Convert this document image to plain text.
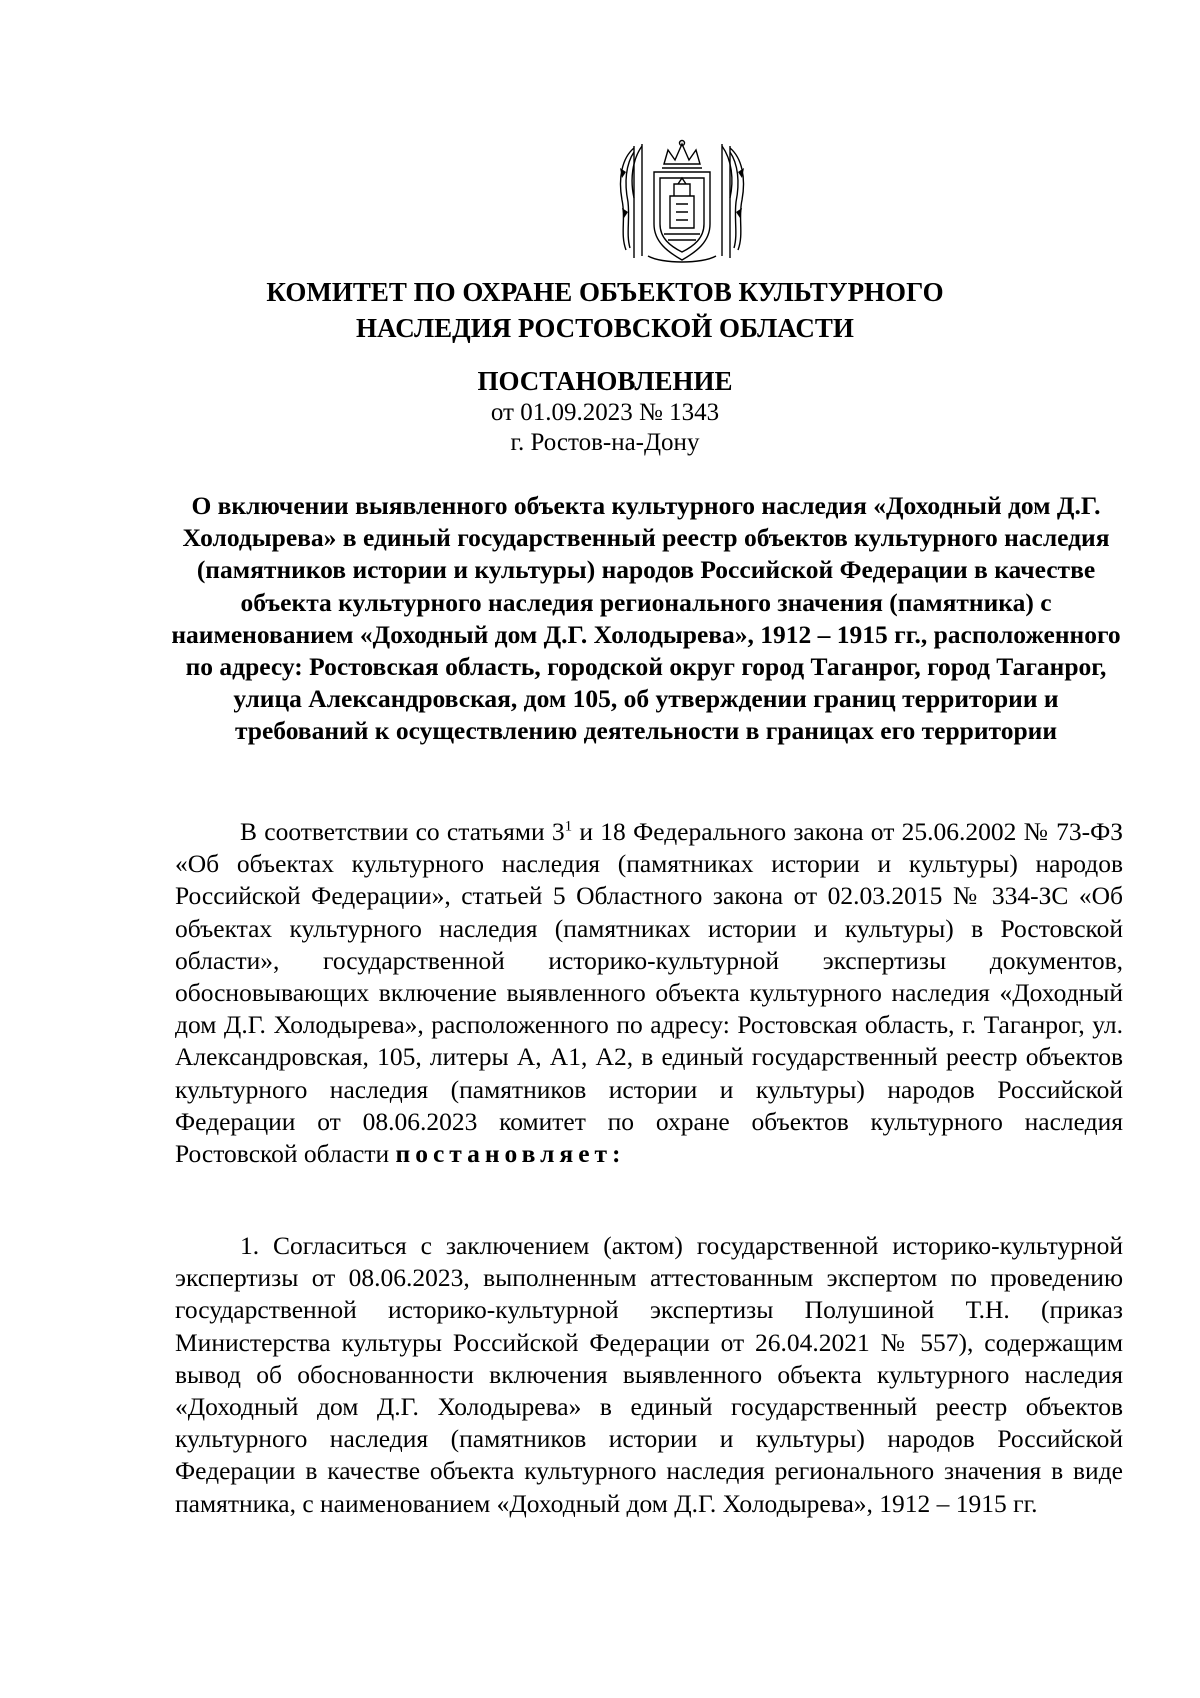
КОМИТЕТ ПО ОХРАНЕ ОБЪЕКТОВ КУЛЬТУРНОГО
НАСЛЕДИЯ РОСТОВСКОЙ ОБЛАСТИ
ПОСТАНОВЛЕНИЕ
от 01.09.2023 № 1343
г. Ростов-на-Дону
О включении выявленного объекта культурного наследия «Доходный дом Д.Г. Холодырева» в единый государственный реестр объектов культурного наследия (памятников истории и культуры) народов Российской Федерации в качестве объекта культурного наследия регионального значения (памятника) с наименованием «Доходный дом Д.Г. Холодырева», 1912 – 1915 гг., расположенного по адресу: Ростовская область, городской округ город Таганрог, город Таганрог, улица Александровская, дом 105, об утверждении границ территории и требований к осуществлению деятельности в границах его территории
В соответствии со статьями $3^1$ и 18 Федерального закона от 25.06.2002 № 73-ФЗ «Об объектах культурного наследия (памятниках истории и культуры) народов Российской Федерации», статьей 5 Областного закона от 02.03.2015 № 334-ЗС «Об объектах культурного наследия (памятниках истории и культуры) в Ростовской области», государственной историко-культурной экспертизы документов, обосновывающих включение выявленного объекта культурного наследия «Доходный дом Д.Г. Холодырева», расположенного по адресу: Ростовская область, г. Таганрог, ул. Александровская, 105, литеры А, А1, А2, в единый государственный реестр объектов культурного наследия (памятников истории и культуры) народов Российской Федерации от 08.06.2023 комитет по охране объектов культурного наследия Ростовской области постановляет:
1. Согласиться с заключением (актом) государственной историко-культурной экспертизы от 08.06.2023, выполненным аттестованным экспертом по проведению государственной историко-культурной экспертизы Полушиной Т.Н. (приказ Министерства культуры Российской Федерации от 26.04.2021 № 557), содержащим вывод об обоснованности включения выявленного объекта культурного наследия «Доходный дом Д.Г. Холодырева» в единый государственный реестр объектов культурного наследия (памятников истории и культуры) народов Российской Федерации в качестве объекта культурного наследия регионального значения в виде памятника, с наименованием «Доходный дом Д.Г. Холодырева», 1912 – 1915 гг.
